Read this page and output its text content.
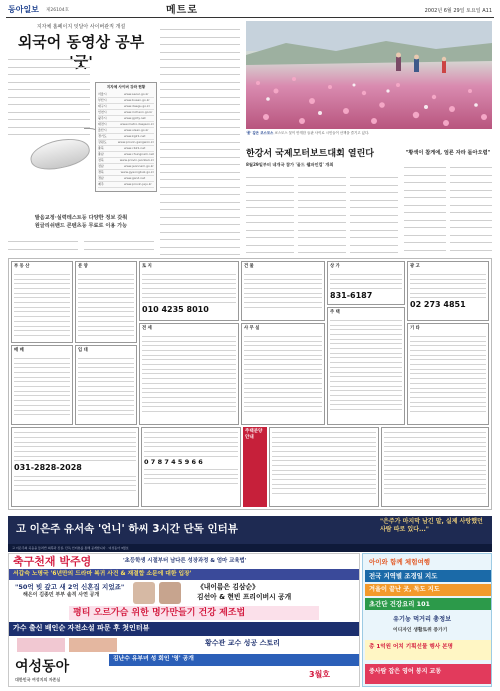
동아일보 제26104호	메트로	2002년 6월 29일 토요일 A11
지자체 홈페이지 잇달아 사이버관직 개설
외국어 동영상 공부 '굿'

지자체 사이버 강좌 현황
서울시	www.seoul.go.kr
부산시	www.busan.go.kr
대구시	www.daegu.go.kr
인천시	www.incheon.go.kr
광주시	www.gjcity.net
대전시	www.metro.daejeon.kr
울산시	www.ulsan.go.kr
경기도	www.kg21.net
강원도	www.provin.gangwon.kr
충북	www.cb21.net
충남	www.chungnam.net
전북	www.provin.jeonbuk.kr
전남	www.jeonnam.go.kr
경북	www.gyeongbuk.go.kr
경남	www.gsnd.net
제주	www.provin.jeju.kr
발음교정·실력테스트등 다양한 정보 갖춰
원글리쉬밴드 콘텐츠등 무료로 이용 가능

'꽃' 같은 코스모스 코스모스 꽃이 만개한 들판 사이로 시민들이 산책을 즐기고 있다.
한강서 국제모터보트대회 열린다
8월29일부터 네개국 참가 '골드 웰파인컵' 개최

"황색이 참게에, 엄른 자라 돌아오렴"

부 동 산	분 양	토 지
010 4235 8010
건 물	상 가
831-6187
광 고
02 273 4851
매 매	임 대
전 세	사 무 실
주 택
기 타
031-2828-2028
0 7 8 7 4 5 9 6 6
주택분양 안내
고 이은주 유서속 '언니' 하씨 3시간 단독 인터뷰
"은주가 마지막 남긴 말, 실제 사랑했던 사람 따로 있다..."
고 이은주의 죽음을 둘러싼 의혹과 진실, 단독 인터뷰를 통해 공개합니다 · 여성동아 3월호
축구천재 박주영	'초등학생 시절부터 남다른 성장과정 & 엄마 교육법'
서갑숙 노명국 '6년만의 드라마 복귀 사건 & 재결합 소문에 대한 입장'
"50억 빚 갚고 새 2억 신혼집 지었죠"
해은이 김종민 부부 솔직 사연 공개
《내이름은 김삼순》
김선아 & 현빈 프리이버시 공개
평티 오르가슴 위한 명가만들기 건강 제조법
가수 출신 배인순 자전소설 파문 후 첫인터뷰
황수관 교수 성공 스토리
김난수 유부녀 성 회인 '영' 공개
여성동아
대한민국 여성지의 자존심
3월호
아이와 함께 체험여행
전국 지역별 조경일 지도
겨울이 끝난 곳, 독도 지도
초간단 건강요리 101
유기농 먹거리 총정보
이디자인 생활토퀴 증가기
총 1억원 어치 기획선물 행사 본명
중사람 잡은 영어 봉지 교동
